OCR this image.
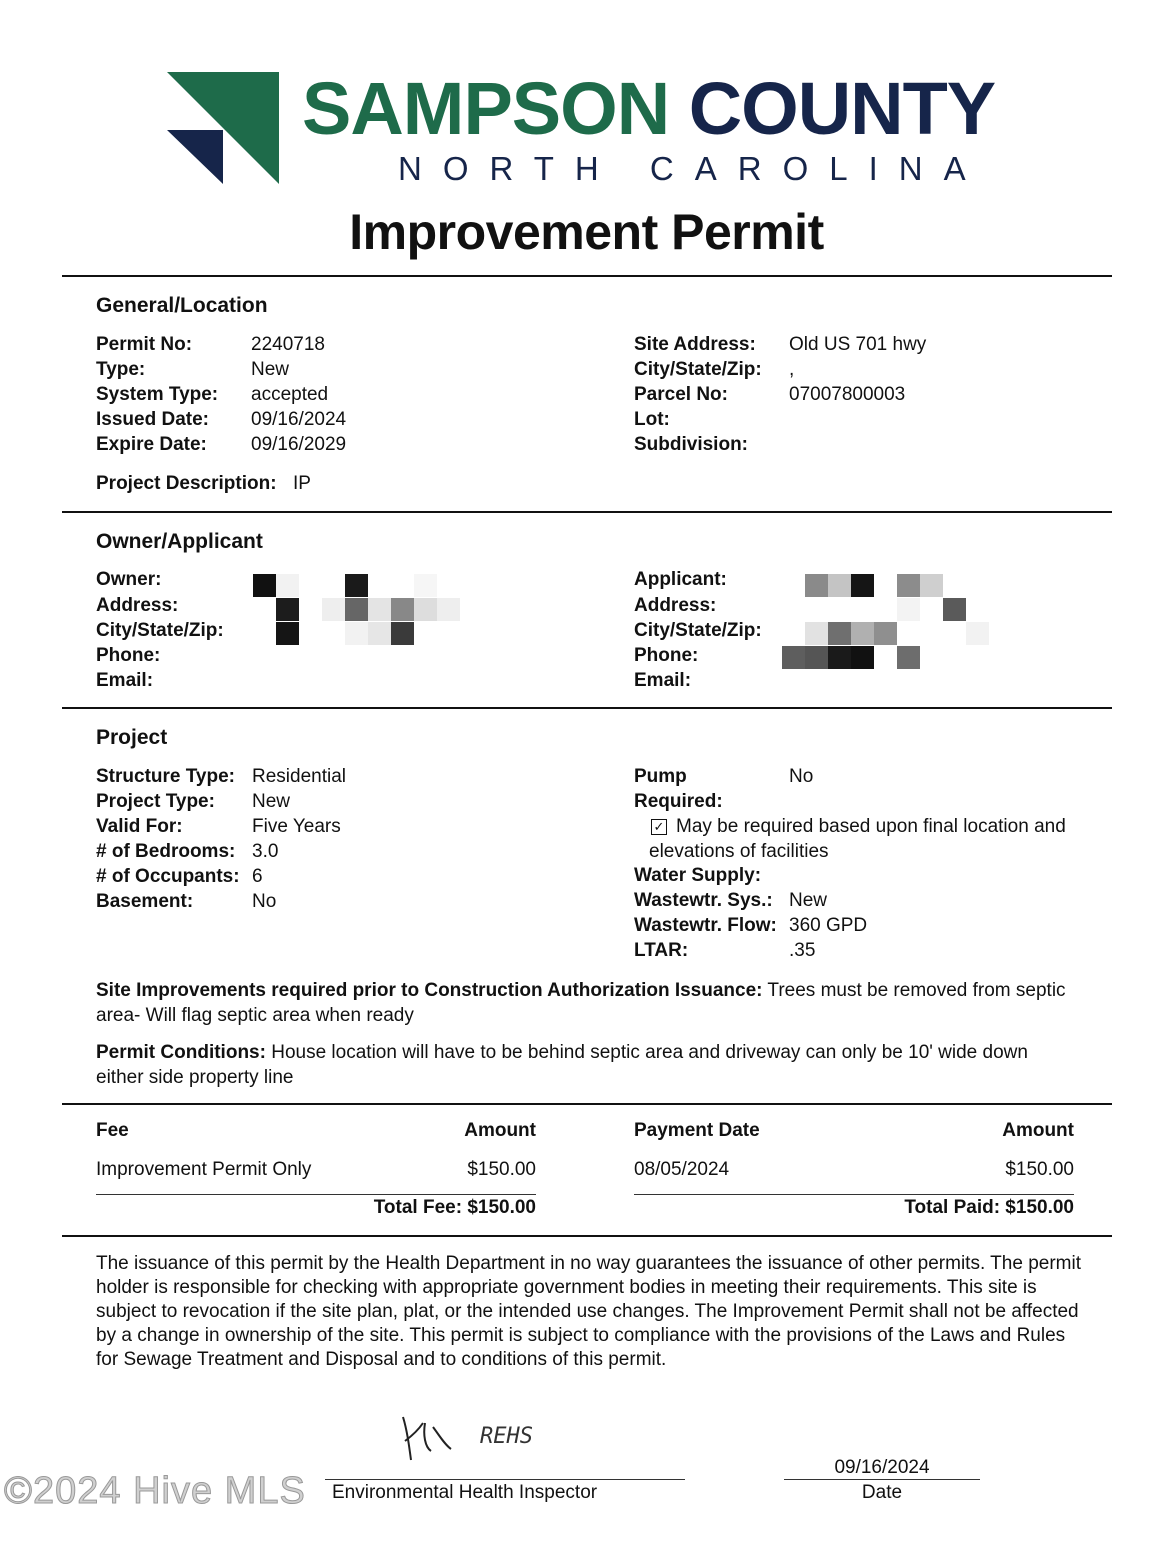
SAMPSON COUNTY
NORTH CAROLINA
Improvement Permit
General/Location
Permit No:	2240718
Type:	New
System Type: accepted
Issued Date: 09/16/2024
Expire Date: 09/16/2029
Site Address: Old US 701 hwy
City/State/Zip: ,
Parcel No:	07007800003
Lot:
Subdivision:
Project Description: IP
Owner/Applicant
Owner:
Address:
City/State/Zip:
Phone:
Email:
Applicant:
Address:
City/State/Zip:
Phone:
Email:
Project
Structure Type: Residential
Project Type: New
Valid For:	Five Years
# of Bedrooms: 3.0
# of Occupants: 6
Basement:	No
Pump	No
Required:
✓ May be required based upon final location and
elevations of facilities
Water Supply:
Wastewtr. Sys.: New
Wastewtr. Flow: 360 GPD
LTAR:	.35
Site Improvements required prior to Construction Authorization Issuance: Trees must be removed from septic area- Will flag septic area when ready
Permit Conditions: House location will have to be behind septic area and driveway can only be 10' wide down either side property line
Fee	Amount	Payment Date	Amount
Improvement Permit Only	$150.00	08/05/2024	$150.00
Total Fee: $150.00	Total Paid: $150.00
The issuance of this permit by the Health Department in no way guarantees the issuance of other permits. The permit holder is responsible for checking with appropriate government bodies in meeting their requirements. This site is subject to revocation if the site plan, plat, or the intended use changes. The Improvement Permit shall not be affected by a change in ownership of the site. This permit is subject to compliance with the provisions of the Laws and Rules for Sewage Treatment and Disposal and to conditions of this permit.
REHS
Environmental Health Inspector
09/16/2024
Date
©2024 Hive MLS
